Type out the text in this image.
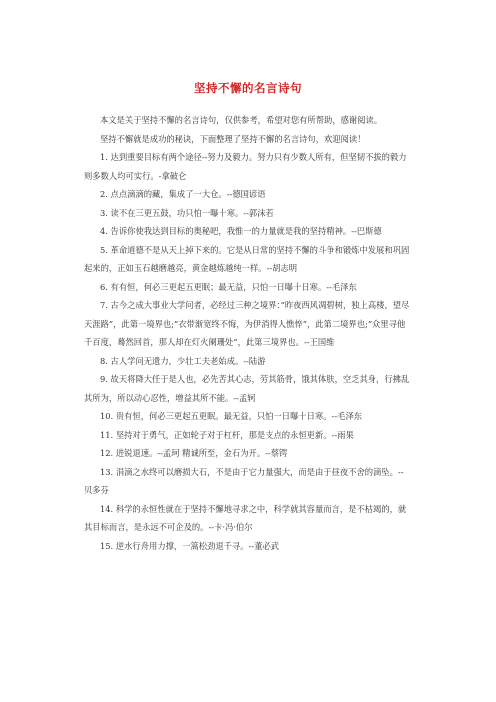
坚持不懈的名言诗句

本文是关于坚持不懈的名言诗句，仅供参考，希望对您有所帮助，感谢阅读。

坚持不懈就是成功的秘诀，下面整理了坚持不懈的名言诗句，欢迎阅读！

1. 达到重要目标有两个途径--努力及毅力。努力只有少数人所有，但坚韧不拔的毅力则多数人均可实行。-拿破仑

2. 点点滴滴的藏，集成了一大仓。--德国谚语

3. 读不在三更五鼓，功只怕一曝十寒。--郭沫若

4. 告诉你使我达到目标的奥秘吧，我惟一的力量就是我的坚持精神。--巴斯德

5. 革命道德不是从天上掉下来的。它是从日常的坚持不懈的斗争和锻炼中发展和巩固起来的，正如玉石越磨越亮，黄金越炼越纯一样。--胡志明

6. 有有恒，何必三更起五更眠；最无益，只怕一日曝十日寒。--毛泽东

7. 古今之成大事业大学问者，必经过三种之境界：”昨夜西风凋碧树，独上高楼，望尽天涯路”，此第一境界也;”衣带渐宽终不悔，为伊消得人憔悴”，此第二境界也;”众里寻他千百度，蓦然回首，那人却在灯火阑珊处”，此第三境界也。--王国维

8. 古人学问无遗力，少壮工夫老始成。--陆游

9. 故天将降大任于是人也，必先苦其心志，劳其筋骨，饿其体肤，空乏其身，行拂乱其所为，所以动心忍性，增益其所不能。--孟轲

10. 贵有恒，何必三更起五更眠。最无益，只怕一日曝十日寒。--毛泽东

11. 坚持对于勇气，正如轮子对于杠杆，那是支点的永恒更新。--雨果

12. 进锐退速。--孟珂 精诚所至，金石为开。--蔡锷

13. 涓滴之水终可以磨损大石，不是由于它力量强大，而是由于昼夜不舍的滴坠。--贝多芬

14. 科学的永恒性就在于坚持不懈地寻求之中，科学就其容量而言，是不枯竭的，就其目标而言，是永远不可企及的。--卡·冯·伯尔

15. 逆水行舟用力撑，一篙松劲退千寻。--董必武
